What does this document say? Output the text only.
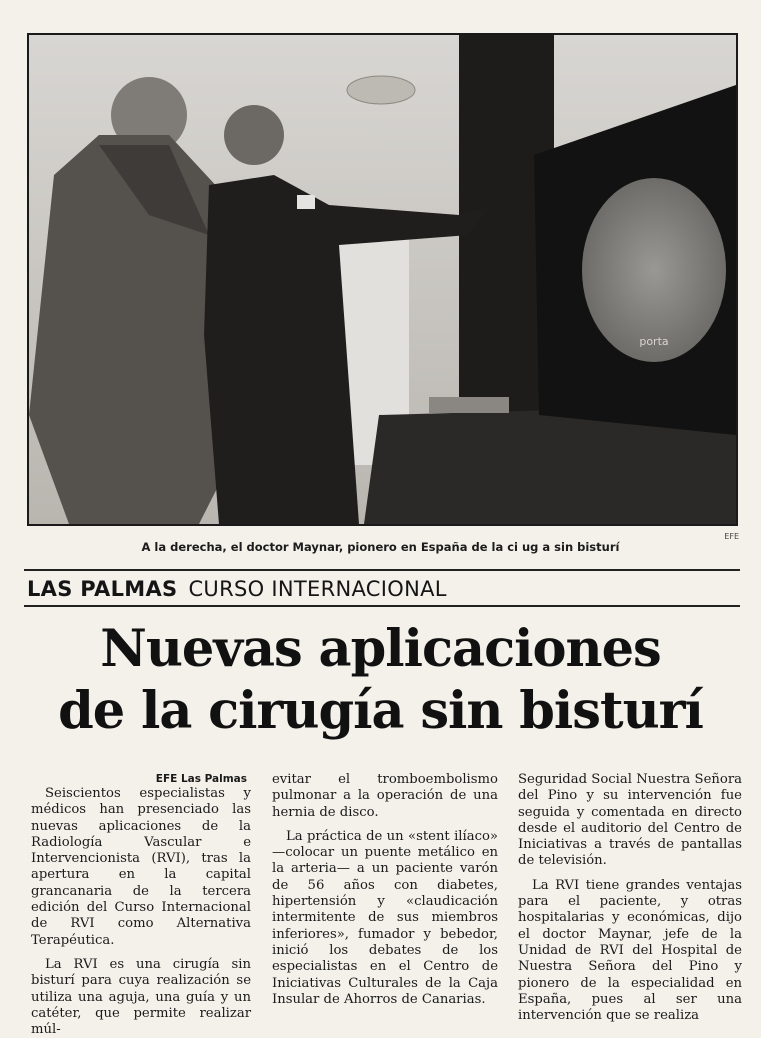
porta
EFE
A la derecha, el doctor Maynar, pionero en España de la ci ug a sin bisturí
LAS PALMAS CURSO INTERNACIONAL
Nuevas aplicaciones
de la cirugía sin bisturí
EFE Las Palmas

Seiscientos especialistas y médicos han presenciado las nuevas aplicaciones de la Radiología Vascular e Intervencionista (RVI), tras la apertura en la capital grancanaria de la tercera edición del Curso Internacional de RVI como Alternativa Terapéutica.

La RVI es una cirugía sin bisturí para cuya realización se utiliza una aguja, una guía y un catéter, que permite realizar múl-

evitar el tromboembolismo pulmonar a la operación de una hernia de disco.

La práctica de un «stent ilíaco» —colocar un puente metálico en la arteria— a un paciente varón de 56 años con diabetes, hipertensión y «claudicación intermitente de sus miembros inferiores», fumador y bebedor, inició los debates de los especialistas en el Centro de Iniciativas Culturales de la Caja Insular de Ahorros de Canarias.

Seguridad Social Nuestra Señora del Pino y su intervención fue seguida y comentada en directo desde el auditorio del Centro de Iniciativas a través de pantallas de televisión.

La RVI tiene grandes ventajas para el paciente, y otras hospitalarias y económicas, dijo el doctor Maynar, jefe de la Unidad de RVI del Hospital de Nuestra Señora del Pino y pionero de la especialidad en España, pues al ser una intervención que se realiza
